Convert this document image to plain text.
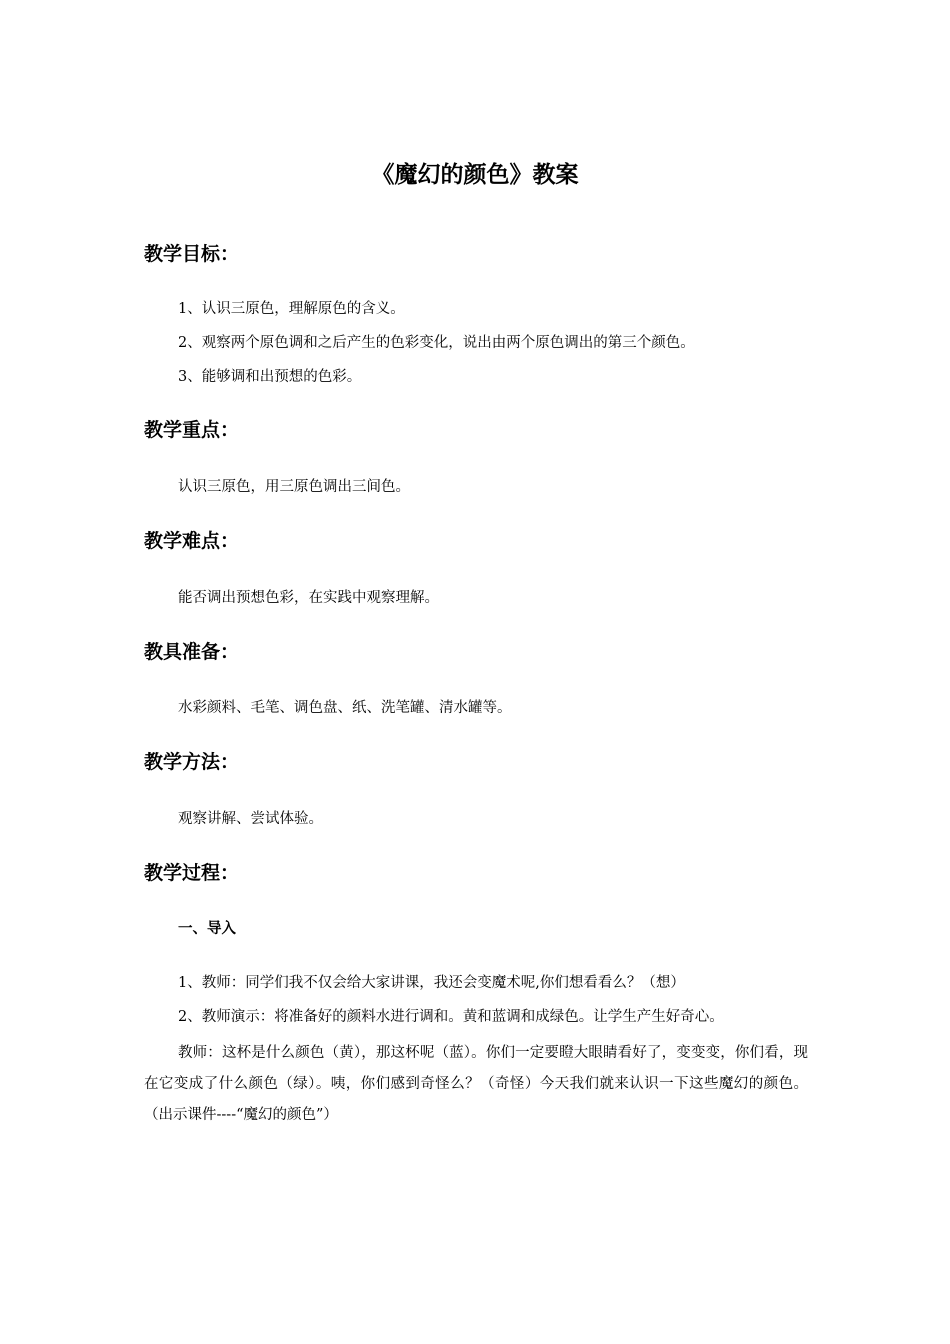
《魔幻的颜色》教案
教学目标：
1、认识三原色，理解原色的含义。
2、观察两个原色调和之后产生的色彩变化，说出由两个原色调出的第三个颜色。
3、能够调和出预想的色彩。
教学重点：
认识三原色，用三原色调出三间色。
教学难点：
能否调出预想色彩，在实践中观察理解。
教具准备：
水彩颜料、毛笔、调色盘、纸、洗笔罐、清水罐等。
教学方法：
观察讲解、尝试体验。
教学过程：
一、导入
1、教师：同学们我不仅会给大家讲课，我还会变魔术呢,你们想看看么？（想）
2、教师演示：将准备好的颜料水进行调和。黄和蓝调和成绿色。让学生产生好奇心。
教师：这杯是什么颜色（黄），那这杯呢（蓝）。你们一定要瞪大眼睛看好了，变变变，你们看，现在它变成了什么颜色（绿）。咦，你们感到奇怪么？（奇怪）今天我们就来认识一下这些魔幻的颜色。（出示课件----“魔幻的颜色”）
